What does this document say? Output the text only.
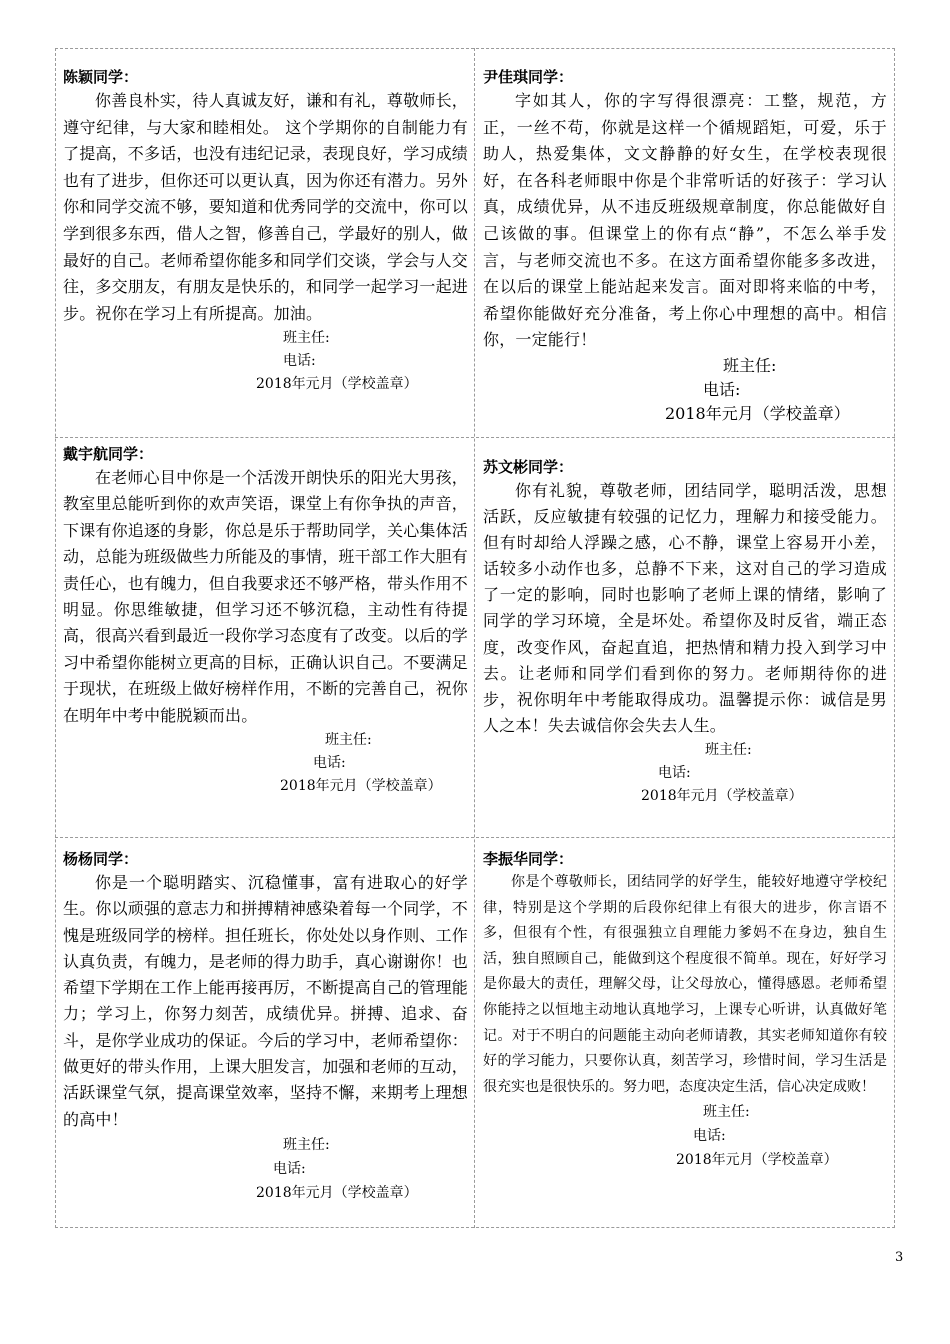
陈颖同学：

你善良朴实，待人真诚友好，谦和有礼，尊敬师长，遵守纪律，与大家和睦相处。 这个学期你的自制能力有了提高，不多话，也没有违纪记录，表现良好，学习成绩也有了进步，但你还可以更认真，因为你还有潜力。另外你和同学交流不够，要知道和优秀同学的交流中，你可以学到很多东西，借人之智，修善自己，学最好的别人，做最好的自己。老师希望你能多和同学们交谈，学会与人交往，多交朋友，有朋友是快乐的，和同学一起学习一起进步。祝你在学习上有所提高。加油。

班主任:
电话:
2018年元月（学校盖章）
尹佳琪同学：

字如其人，你的字写得很漂亮：工整，规范，方正，一丝不苟，你就是这样一个循规蹈矩，可爱，乐于助人，热爱集体，文文静静的好女生，在学校表现很好，在各科老师眼中你是个非常听话的好孩子：学习认真，成绩优异，从不违反班级规章制度，你总能做好自己该做的事。但课堂上的你有点“静”，不怎么举手发言，与老师交流也不多。在这方面希望你能多多改进，在以后的课堂上能站起来发言。面对即将来临的中考，希望你能做好充分准备，考上你心中理想的高中。相信你，一定能行！

班主任:
电话:
2018年元月（学校盖章）
戴宇航同学：

在老师心目中你是一个活泼开朗快乐的阳光大男孩，教室里总能听到你的欢声笑语，课堂上有你争执的声音，下课有你追逐的身影，你总是乐于帮助同学，关心集体活动，总能为班级做些力所能及的事情，班干部工作大胆有责任心，也有魄力，但自我要求还不够严格，带头作用不明显。你思维敏捷，但学习还不够沉稳，主动性有待提高，很高兴看到最近一段你学习态度有了改变。以后的学习中希望你能树立更高的目标，正确认识自己。不要满足于现状，在班级上做好榜样作用，不断的完善自己，祝你在明年中考中能脱颖而出。

班主任:
电话:
2018年元月（学校盖章）
苏文彬同学：

你有礼貌，尊敬老师，团结同学，聪明活泼，思想活跃，反应敏捷有较强的记忆力，理解力和接受能力。但有时却给人浮躁之感，心不静，课堂上容易开小差，话较多小动作也多，总静不下来，这对自己的学习造成了一定的影响，同时也影响了老师上课的情绪，影响了同学的学习环境，全是坏处。希望你及时反省，端正态度，改变作风，奋起直追，把热情和精力投入到学习中去。让老师和同学们看到你的努力。老师期待你的进步，祝你明年中考能取得成功。温馨提示你：诚信是男人之本！失去诚信你会失去人生。

班主任:
电话:
2018年元月（学校盖章）
杨杨同学：

你是一个聪明踏实、沉稳懂事，富有进取心的好学生。你以顽强的意志力和拼搏精神感染着每一个同学，不愧是班级同学的榜样。担任班长，你处处以身作则、工作认真负责，有魄力，是老师的得力助手，真心谢谢你！也希望下学期在工作上能再接再厉，不断提高自己的管理能力；学习上，你努力刻苦，成绩优异。拼搏、追求、奋斗，是你学业成功的保证。今后的学习中，老师希望你：做更好的带头作用，上课大胆发言，加强和老师的互动，活跃课堂气氛，提高课堂效率，坚持不懈，来期考上理想的高中！

班主任:
电话:
2018年元月（学校盖章）
李振华同学：

你是个尊敬师长，团结同学的好学生，能较好地遵守学校纪律，特别是这个学期的后段你纪律上有很大的进步，你言语不多，但很有个性，有很强独立自理能力爹妈不在身边，独自生活，独自照顾自己，能做到这个程度很不简单。现在，好好学习是你最大的责任，理解父母，让父母放心，懂得感恩。老师希望你能持之以恒地主动地认真地学习，上课专心听讲，认真做好笔记。对于不明白的问题能主动向老师请教，其实老师知道你有较好的学习能力，只要你认真，刻苦学习，珍惜时间，学习生活是很充实也是很快乐的。努力吧，态度决定生活，信心决定成败！

班主任:
电话:
2018年元月（学校盖章）
3
